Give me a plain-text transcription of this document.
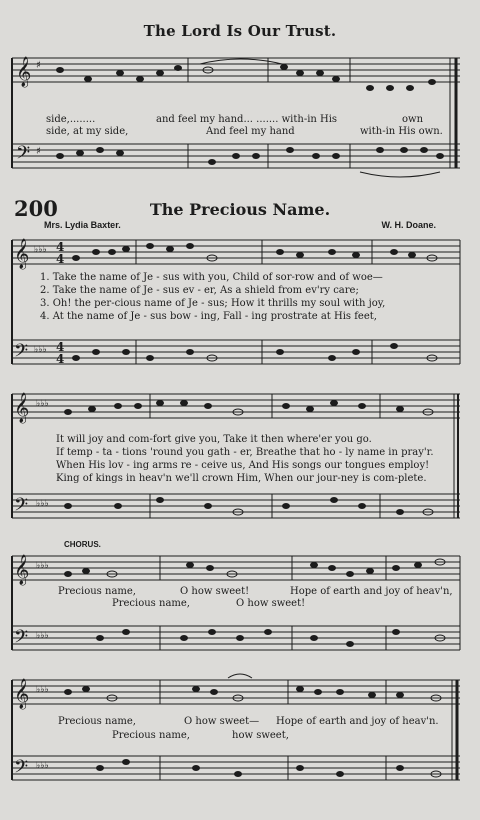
The Lord Is Our Trust.
𝄞
𝄢
♯
♯
side,........	and feel my hand... ....... with-in His	own
side, at my side,	And feel my hand	with-in His own.
200	The Precious Name.
Mrs. Lydia Baxter.	W. H. Doane.
𝄞
𝄢
♭♭♭
♭♭♭
4
4
4
4
1. Take the name of Je - sus with you, Child of sor-row and of woe—
2. Take the name of Je - sus ev - er, As a shield from ev'ry care;
3. Oh! the per-cious name of Je - sus; How it thrills my soul with joy,
4. At the name of Je - sus bow - ing, Fall - ing prostrate at His feet,
𝄞
𝄢
♭♭♭
♭♭♭
It will joy and com-fort give you, Take it then where'er you go.
If temp - ta - tions 'round you gath - er, Breathe that ho - ly name in pray'r.
When His lov - ing arms re - ceive us, And His songs our tongues employ!
King of kings in heav'n we'll crown Him, When our jour-ney is com-plete.
CHORUS.
𝄞
𝄢
♭♭♭
♭♭♭
Precious name,	O how sweet!	Hope of earth and joy of heav'n,
Precious name,	O how sweet!
𝄞
𝄢
♭♭♭
♭♭♭
Precious name,	O how sweet— Hope of earth and joy of heav'n.
Precious name,	how sweet,
